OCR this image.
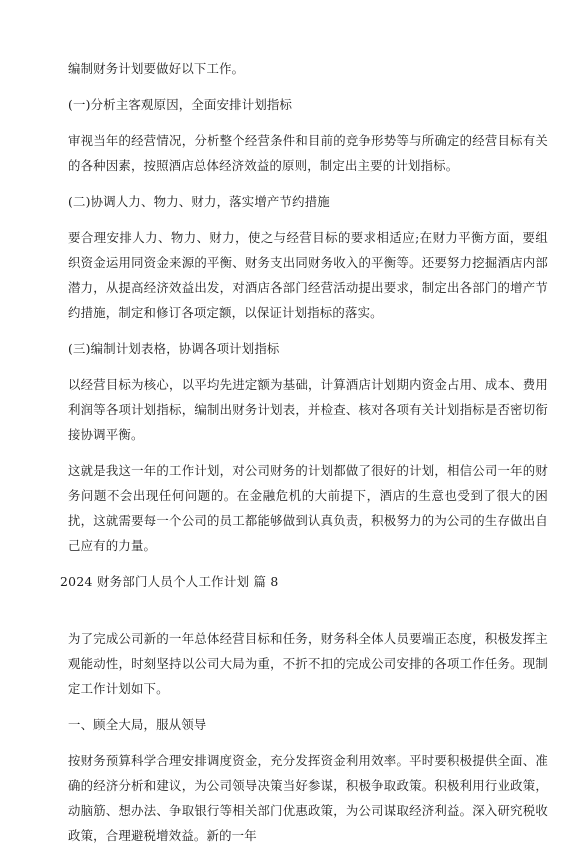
编制财务计划要做好以下工作。

(一)分析主客观原因，全面安排计划指标

审视当年的经营情况，分析整个经营条件和目前的竞争形势等与所确定的经营目标有关的各种因素，按照酒店总体经济效益的原则，制定出主要的计划指标。

(二)协调人力、物力、财力，落实增产节约措施

要合理安排人力、物力、财力，使之与经营目标的要求相适应;在财力平衡方面，要组织资金运用同资金来源的平衡、财务支出同财务收入的平衡等。还要努力挖掘酒店内部潜力，从提高经济效益出发，对酒店各部门经营活动提出要求，制定出各部门的增产节约措施，制定和修订各项定额，以保证计划指标的落实。

(三)编制计划表格，协调各项计划指标

以经营目标为核心，以平均先进定额为基础，计算酒店计划期内资金占用、成本、费用利润等各项计划指标，编制出财务计划表，并检查、核对各项有关计划指标是否密切衔接协调平衡。

这就是我这一年的工作计划，对公司财务的计划都做了很好的计划，相信公司一年的财务问题不会出现任何问题的。在金融危机的大前提下，酒店的生意也受到了很大的困扰，这就需要每一个公司的员工都能够做到认真负责，积极努力的为公司的生存做出自己应有的力量。

2024 财务部门人员个人工作计划 篇 8

为了完成公司新的一年总体经营目标和任务，财务科全体人员要端正态度，积极发挥主观能动性，时刻坚持以公司大局为重，不折不扣的完成公司安排的各项工作任务。现制定工作计划如下。

一、顾全大局，服从领导

按财务预算科学合理安排调度资金，充分发挥资金利用效率。平时要积极提供全面、准确的经济分析和建议，为公司领导决策当好参谋，积极争取政策。积极利用行业政策，动脑筋、想办法、争取银行等相关部门优惠政策，为公司谋取经济利益。深入研究税收政策，合理避税增效益。新的一年
